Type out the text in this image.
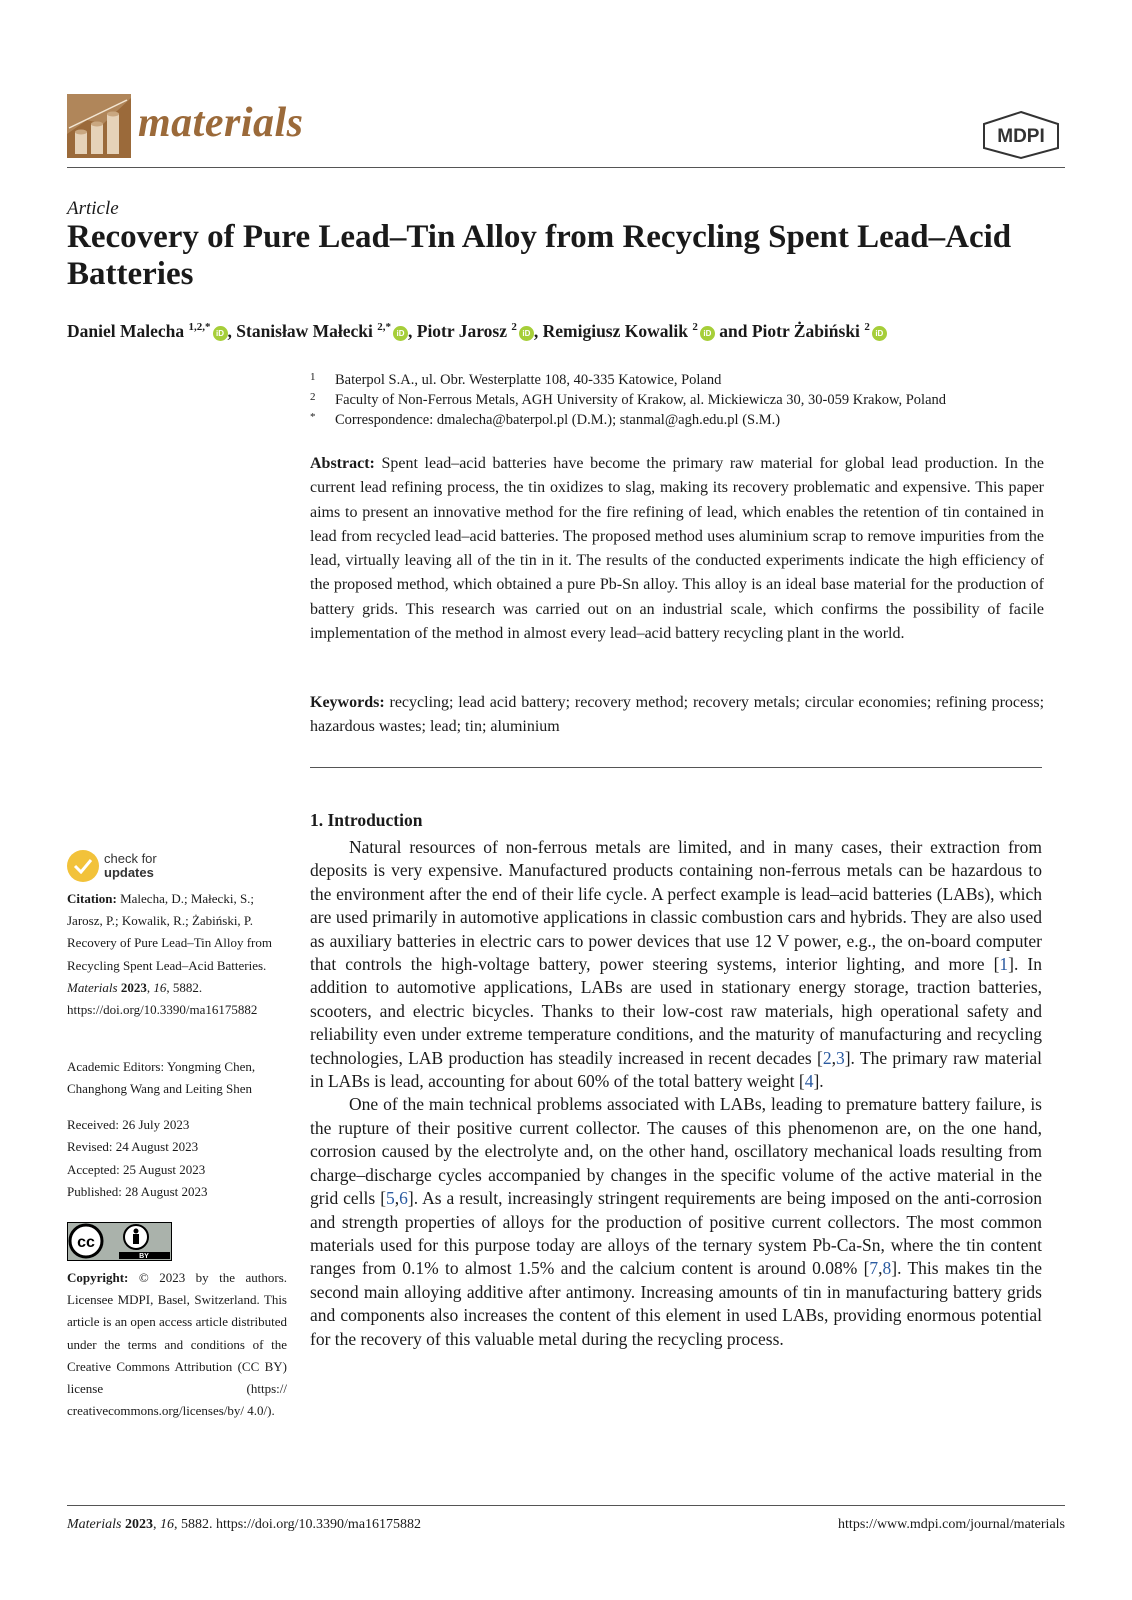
materials	MDPI
Article
Recovery of Pure Lead–Tin Alloy from Recycling Spent Lead–Acid Batteries
Daniel Malecha $^{1,2,*}$iD , Stanisław Małecki $^{2,*}$iD , Piotr Jarosz $^2$iD , Remigiusz Kowalik $^2$iD and Piotr Żabiński $^2$iD
1 Baterpol S.A., ul. Obr. Westerplatte 108, 40-335 Katowice, Poland
2 Faculty of Non-Ferrous Metals, AGH University of Krakow, al. Mickiewicza 30, 30-059 Krakow, Poland
* Correspondence: dmalecha@baterpol.pl (D.M.); stanmal@agh.edu.pl (S.M.)

Abstract: Spent lead–acid batteries have become the primary raw material for global lead production. In the current lead refining process, the tin oxidizes to slag, making its recovery problematic and expensive. This paper aims to present an innovative method for the fire refining of lead, which enables the retention of tin contained in lead from recycled lead–acid batteries. The proposed method uses aluminium scrap to remove impurities from the lead, virtually leaving all of the tin in it. The results of the conducted experiments indicate the high efficiency of the proposed method, which obtained a pure Pb-Sn alloy. This alloy is an ideal base material for the production of battery grids. This research was carried out on an industrial scale, which confirms the possibility of facile implementation of the method in almost every lead–acid battery recycling plant in the world.

Keywords: recycling; lead acid battery; recovery method; recovery metals; circular economies; refining process; hazardous wastes; lead; tin; aluminium

1. Introduction

Natural resources of non-ferrous metals are limited, and in many cases, their extraction from deposits is very expensive. Manufactured products containing non-ferrous metals can be hazardous to the environment after the end of their life cycle. A perfect example is lead–acid batteries (LABs), which are used primarily in automotive applications in classic combustion cars and hybrids. They are also used as auxiliary batteries in electric cars to power devices that use 12 V power, e.g., the on-board computer that controls the high-voltage battery, power steering systems, interior lighting, and more [1]. In addition to automotive applications, LABs are used in stationary energy storage, traction batteries, scooters, and electric bicycles. Thanks to their low-cost raw materials, high operational safety and reliability even under extreme temperature conditions, and the maturity of manufacturing and recycling technologies, LAB production has steadily increased in recent decades [2,3]. The primary raw material in LABs is lead, accounting for about 60% of the total battery weight [4].

One of the main technical problems associated with LABs, leading to premature battery failure, is the rupture of their positive current collector. The causes of this phenomenon are, on the one hand, corrosion caused by the electrolyte and, on the other hand, oscillatory mechanical loads resulting from charge–discharge cycles accompanied by changes in the specific volume of the active material in the grid cells [5,6]. As a result, increasingly stringent requirements are being imposed on the anti-corrosion and strength properties of alloys for the production of positive current collectors. The most common materials used for this purpose today are alloys of the ternary system Pb-Ca-Sn, where the tin content ranges from 0.1% to almost 1.5% and the calcium content is around 0.08% [7,8]. This makes tin the second main alloying additive after antimony. Increasing amounts of tin in manufacturing battery grids and components also increases the content of this element in used LABs, providing enormous potential for the recovery of this valuable metal during the recycling process.

check for
updates
Citation: Malecha, D.; Małecki, S.; Jarosz, P.; Kowalik, R.; Żabiński, P. Recovery of Pure Lead–Tin Alloy from Recycling Spent Lead–Acid Batteries. Materials 2023, 16, 5882. https://doi.org/10.3390/ma16175882
Academic Editors: Yongming Chen, Changhong Wang and Leiting Shen
Received: 26 July 2023
Revised: 24 August 2023
Accepted: 25 August 2023
Published: 28 August 2023
BY
cc
Copyright: © 2023 by the authors. Licensee MDPI, Basel, Switzerland. This article is an open access article distributed under the terms and conditions of the Creative Commons Attribution (CC BY) license (https:// creativecommons.org/licenses/by/ 4.0/).
Materials 2023, 16, 5882. https://doi.org/10.3390/ma16175882	https://www.mdpi.com/journal/materials
